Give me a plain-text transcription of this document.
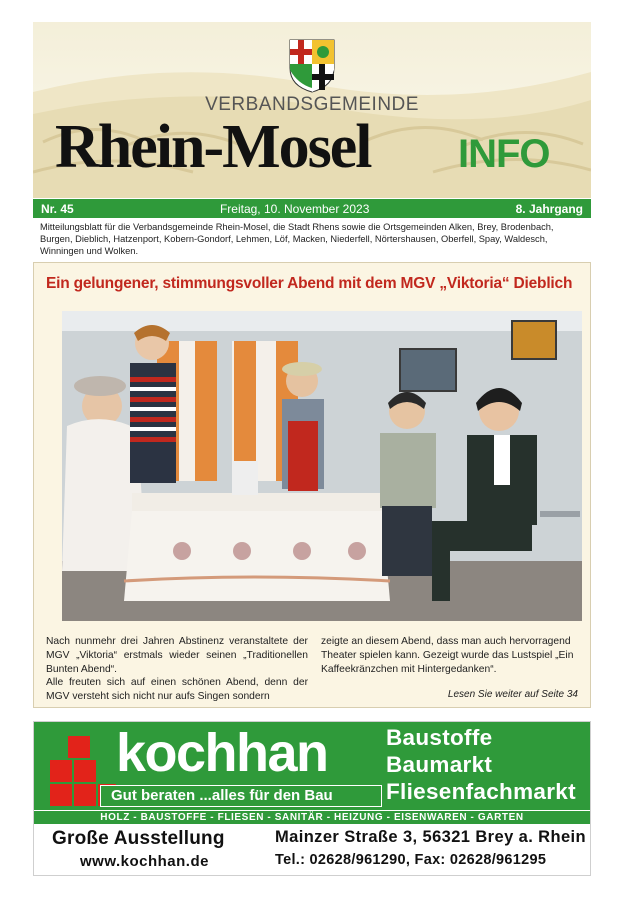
VERBANDSGEMEINDE
Rhein-Mosel INFO
Nr. 45	Freitag, 10. November 2023	8. Jahrgang
Mitteilungsblatt für die Verbandsgemeinde Rhein-Mosel, die Stadt Rhens sowie die Ortsgemeinden Alken, Brey, Brodenbach, Burgen, Dieblich, Hatzenport, Kobern-Gondorf, Lehmen, Löf, Macken, Niederfell, Nörtershausen, Oberfell, Spay, Waldesch, Winningen und Wolken.
Ein gelungener, stimmungsvoller Abend mit dem MGV „Viktoria“ Dieblich

Nach nunmehr drei Jahren Abstinenz veranstaltete der MGV „Viktoria“ erstmals wieder seinen „Traditionellen Bunten Abend“.

Alle freuten sich auf einen schönen Abend, denn der MGV versteht sich nicht nur aufs Singen sondern

zeigte an diesem Abend, dass man auch hervorragend Theater spielen kann. Gezeigt wurde das Lustspiel „Ein Kaffeekränzchen mit Hintergedanken“.

Lesen Sie weiter auf Seite 34
kochhan
Gut beraten ...alles für den Bau
Baustoffe
Baumarkt
Fliesenfachmarkt
HOLZ - BAUSTOFFE - FLIESEN - SANITÄR - HEIZUNG - EISENWAREN - GARTEN
Große Ausstellung
www.kochhan.de
Mainzer Straße 3, 56321 Brey a. Rhein
Tel.: 02628/961290, Fax: 02628/961295
